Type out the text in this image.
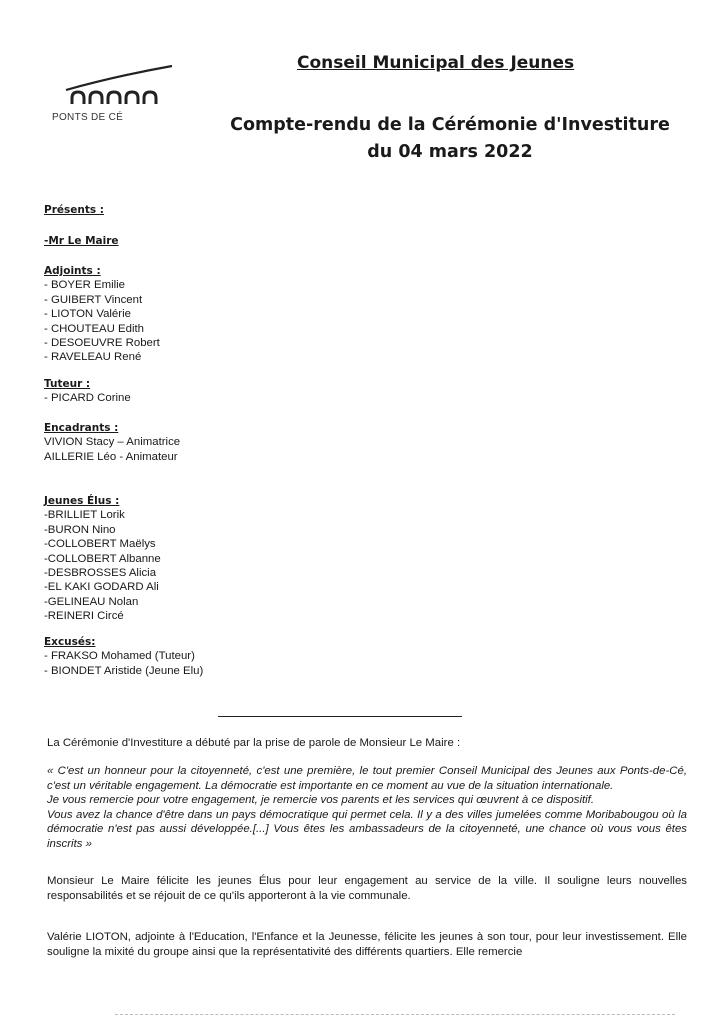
PONTS DE CÉ
Conseil Municipal des Jeunes
Compte-rendu de la Cérémonie d'Investiture
du 04 mars 2022
Présents :
-Mr Le Maire
Adjoints :
- BOYER Emilie
- GUIBERT Vincent
- LIOTON Valérie
- CHOUTEAU Edith
- DESOEUVRE Robert
- RAVELEAU René
Tuteur :
- PICARD Corine
Encadrants :
VIVION Stacy – Animatrice
AILLERIE Léo - Animateur
Jeunes Élus :
-BRILLIET Lorik
-BURON Nino
-COLLOBERT Maëlys
-COLLOBERT Albanne
-DESBROSSES Alicia
-EL KAKI GODARD Ali
-GELINEAU Nolan
-REINERI Circé
Excusés:
- FRAKSO Mohamed (Tuteur)
- BIONDET Aristide (Jeune Elu)
La Cérémonie d'Investiture a débuté par la prise de parole de Monsieur Le Maire :
« C'est un honneur pour la citoyenneté, c'est une première, le tout premier Conseil Municipal des Jeunes aux Ponts-de-Cé, c'est un véritable engagement. La démocratie est importante en ce moment au vue de la situation internationale.
Je vous remercie pour votre engagement, je remercie vos parents et les services qui œuvrent à ce dispositif.
Vous avez la chance d'être dans un pays démocratique qui permet cela. Il y a des villes jumelées comme Moribabougou où la démocratie n'est pas aussi développée.[...] Vous êtes les ambassadeurs de la citoyenneté, une chance où vous vous êtes inscrits »
Monsieur Le Maire félicite les jeunes Élus pour leur engagement au service de la ville. Il souligne leurs nouvelles responsabilités et se réjouit de ce qu'ils apporteront à la vie communale.
Valérie LIOTON, adjointe à l'Education, l'Enfance et la Jeunesse, félicite les jeunes à son tour, pour leur investissement. Elle souligne la mixité du groupe ainsi que la représentativité des différents quartiers. Elle remercie
